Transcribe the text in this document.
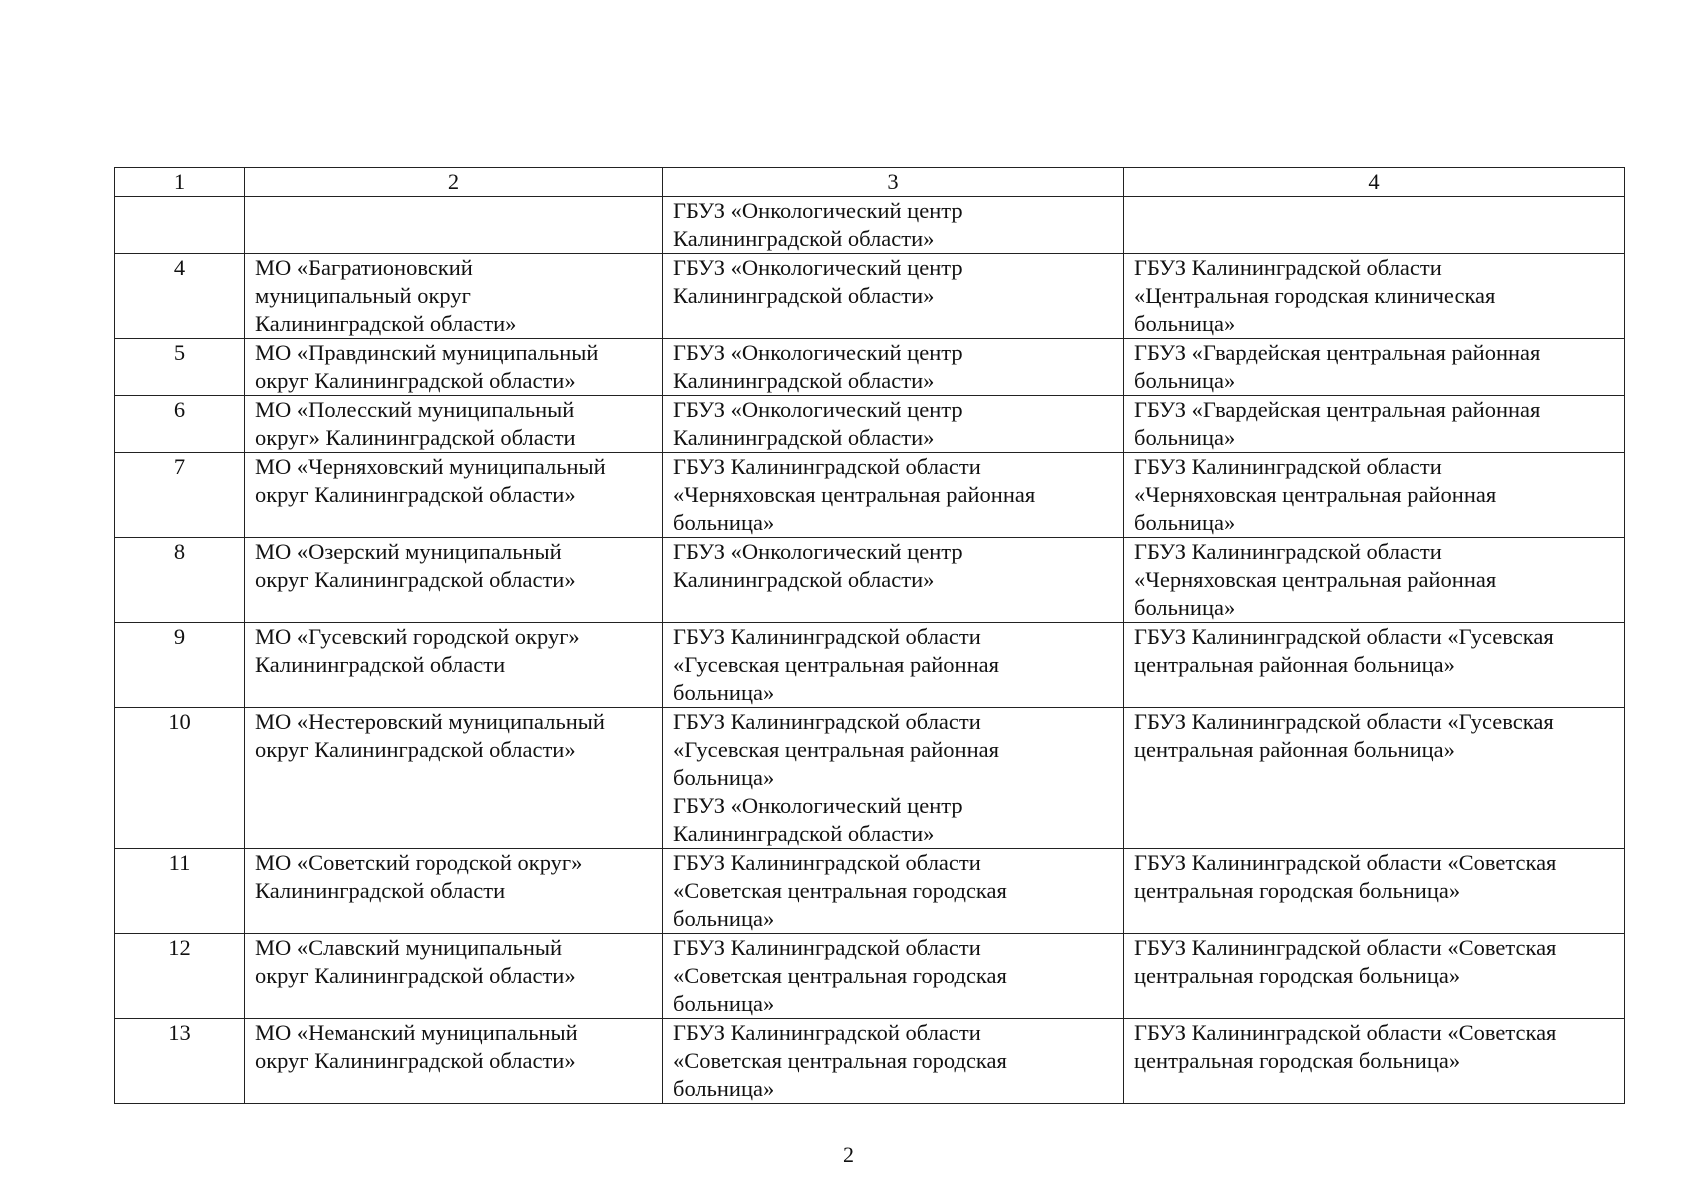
1	2	3	4
		ГБУЗ «Онкологический центр
Калининградской области»	
4	МО «Багратионовский
муниципальный округ
Калининградской области»	ГБУЗ «Онкологический центр
Калининградской области»	ГБУЗ Калининградской области
«Центральная городская клиническая
больница»
5	МО «Правдинский муниципальный
округ Калининградской области»	ГБУЗ «Онкологический центр
Калининградской области»	ГБУЗ «Гвардейская центральная районная
больница»
6	МО «Полесский муниципальный
округ» Калининградской области	ГБУЗ «Онкологический центр
Калининградской области»	ГБУЗ «Гвардейская центральная районная
больница»
7	МО «Черняховский муниципальный
округ Калининградской области»	ГБУЗ Калининградской области
«Черняховская центральная районная
больница»	ГБУЗ Калининградской области
«Черняховская центральная районная
больница»
8	МО «Озерский муниципальный
округ Калининградской области»	ГБУЗ «Онкологический центр
Калининградской области»	ГБУЗ Калининградской области
«Черняховская центральная районная
больница»
9	МО «Гусевский городской округ»
Калининградской области	ГБУЗ Калининградской области
«Гусевская центральная районная
больница»	ГБУЗ Калининградской области «Гусевская
центральная районная больница»
10	МО «Нестеровский муниципальный
округ Калининградской области»	ГБУЗ Калининградской области
«Гусевская центральная районная
больница»
ГБУЗ «Онкологический центр
Калининградской области»	ГБУЗ Калининградской области «Гусевская
центральная районная больница»
11	МО «Советский городской округ»
Калининградской области	ГБУЗ Калининградской области
«Советская центральная городская
больница»	ГБУЗ Калининградской области «Советская
центральная городская больница»
12	МО «Славский муниципальный
округ Калининградской области»	ГБУЗ Калининградской области
«Советская центральная городская
больница»	ГБУЗ Калининградской области «Советская
центральная городская больница»
13	МО «Неманский муниципальный
округ Калининградской области»	ГБУЗ Калининградской области
«Советская центральная городская
больница»	ГБУЗ Калининградской области «Советская
центральная городская больница»
2
